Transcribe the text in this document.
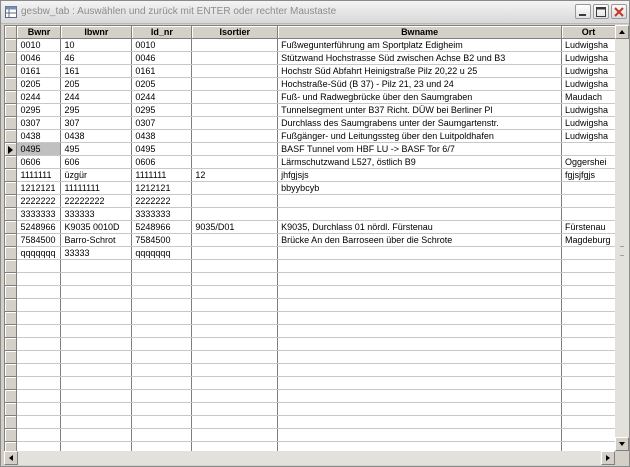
gesbw_tab : Auswählen und zurück mit ENTER oder rechter Maustaste
	Bwnr	Ibwnr	Id_nr	Isortier	Bwname	Ort
	0010	10	0010		Fußwegunterführung am Sportplatz Edigheim	Ludwigsha
	0046	46	0046		Stützwand Hochstrasse Süd zwischen Achse B2 und B3	Ludwigsha
	0161	161	0161		Hochstr Süd Abfahrt Heinigstraße Pilz 20,22 u 25	Ludwigsha
	0205	205	0205		Hochstraße-Süd (B 37) - Pilz 21, 23 und 24	Ludwigsha
	0244	244	0244		Fuß- und Radwegbrücke über den Saumgraben	Maudach
	0295	295	0295		Tunnelsegment unter B37 Richt. DÜW bei Berliner Pl	Ludwigsha
	0307	307	0307		Durchlass des Saumgrabens unter der Saumgartenstr.	Ludwigsha
	0438	0438	0438		Fußgänger- und Leitungssteg über den Luitpoldhafen	Ludwigsha

	0495	495	0495		BASF Tunnel vom HBF LU -> BASF Tor 6/7	
	0606	606	0606		Lärmschutzwand L527, östlich B9	Oggershei
	1111111	üzgür	1111111	12	jhfgjsjs	fgjsjfgjs
	1212121	11111111	1212121		bbyybcyb	
	2222222	22222222	2222222			
	3333333	333333	3333333			
	5248966	K9035 0010D	5248966	9035/D01	K9035, Durchlass 01 nördl. Fürstenau	Fürstenau
	7584500	Barro-Schrot	7584500		Brücke An den Barroseen über die Schrote	Magdeburg
	qqqqqqq	33333	qqqqqqq			
